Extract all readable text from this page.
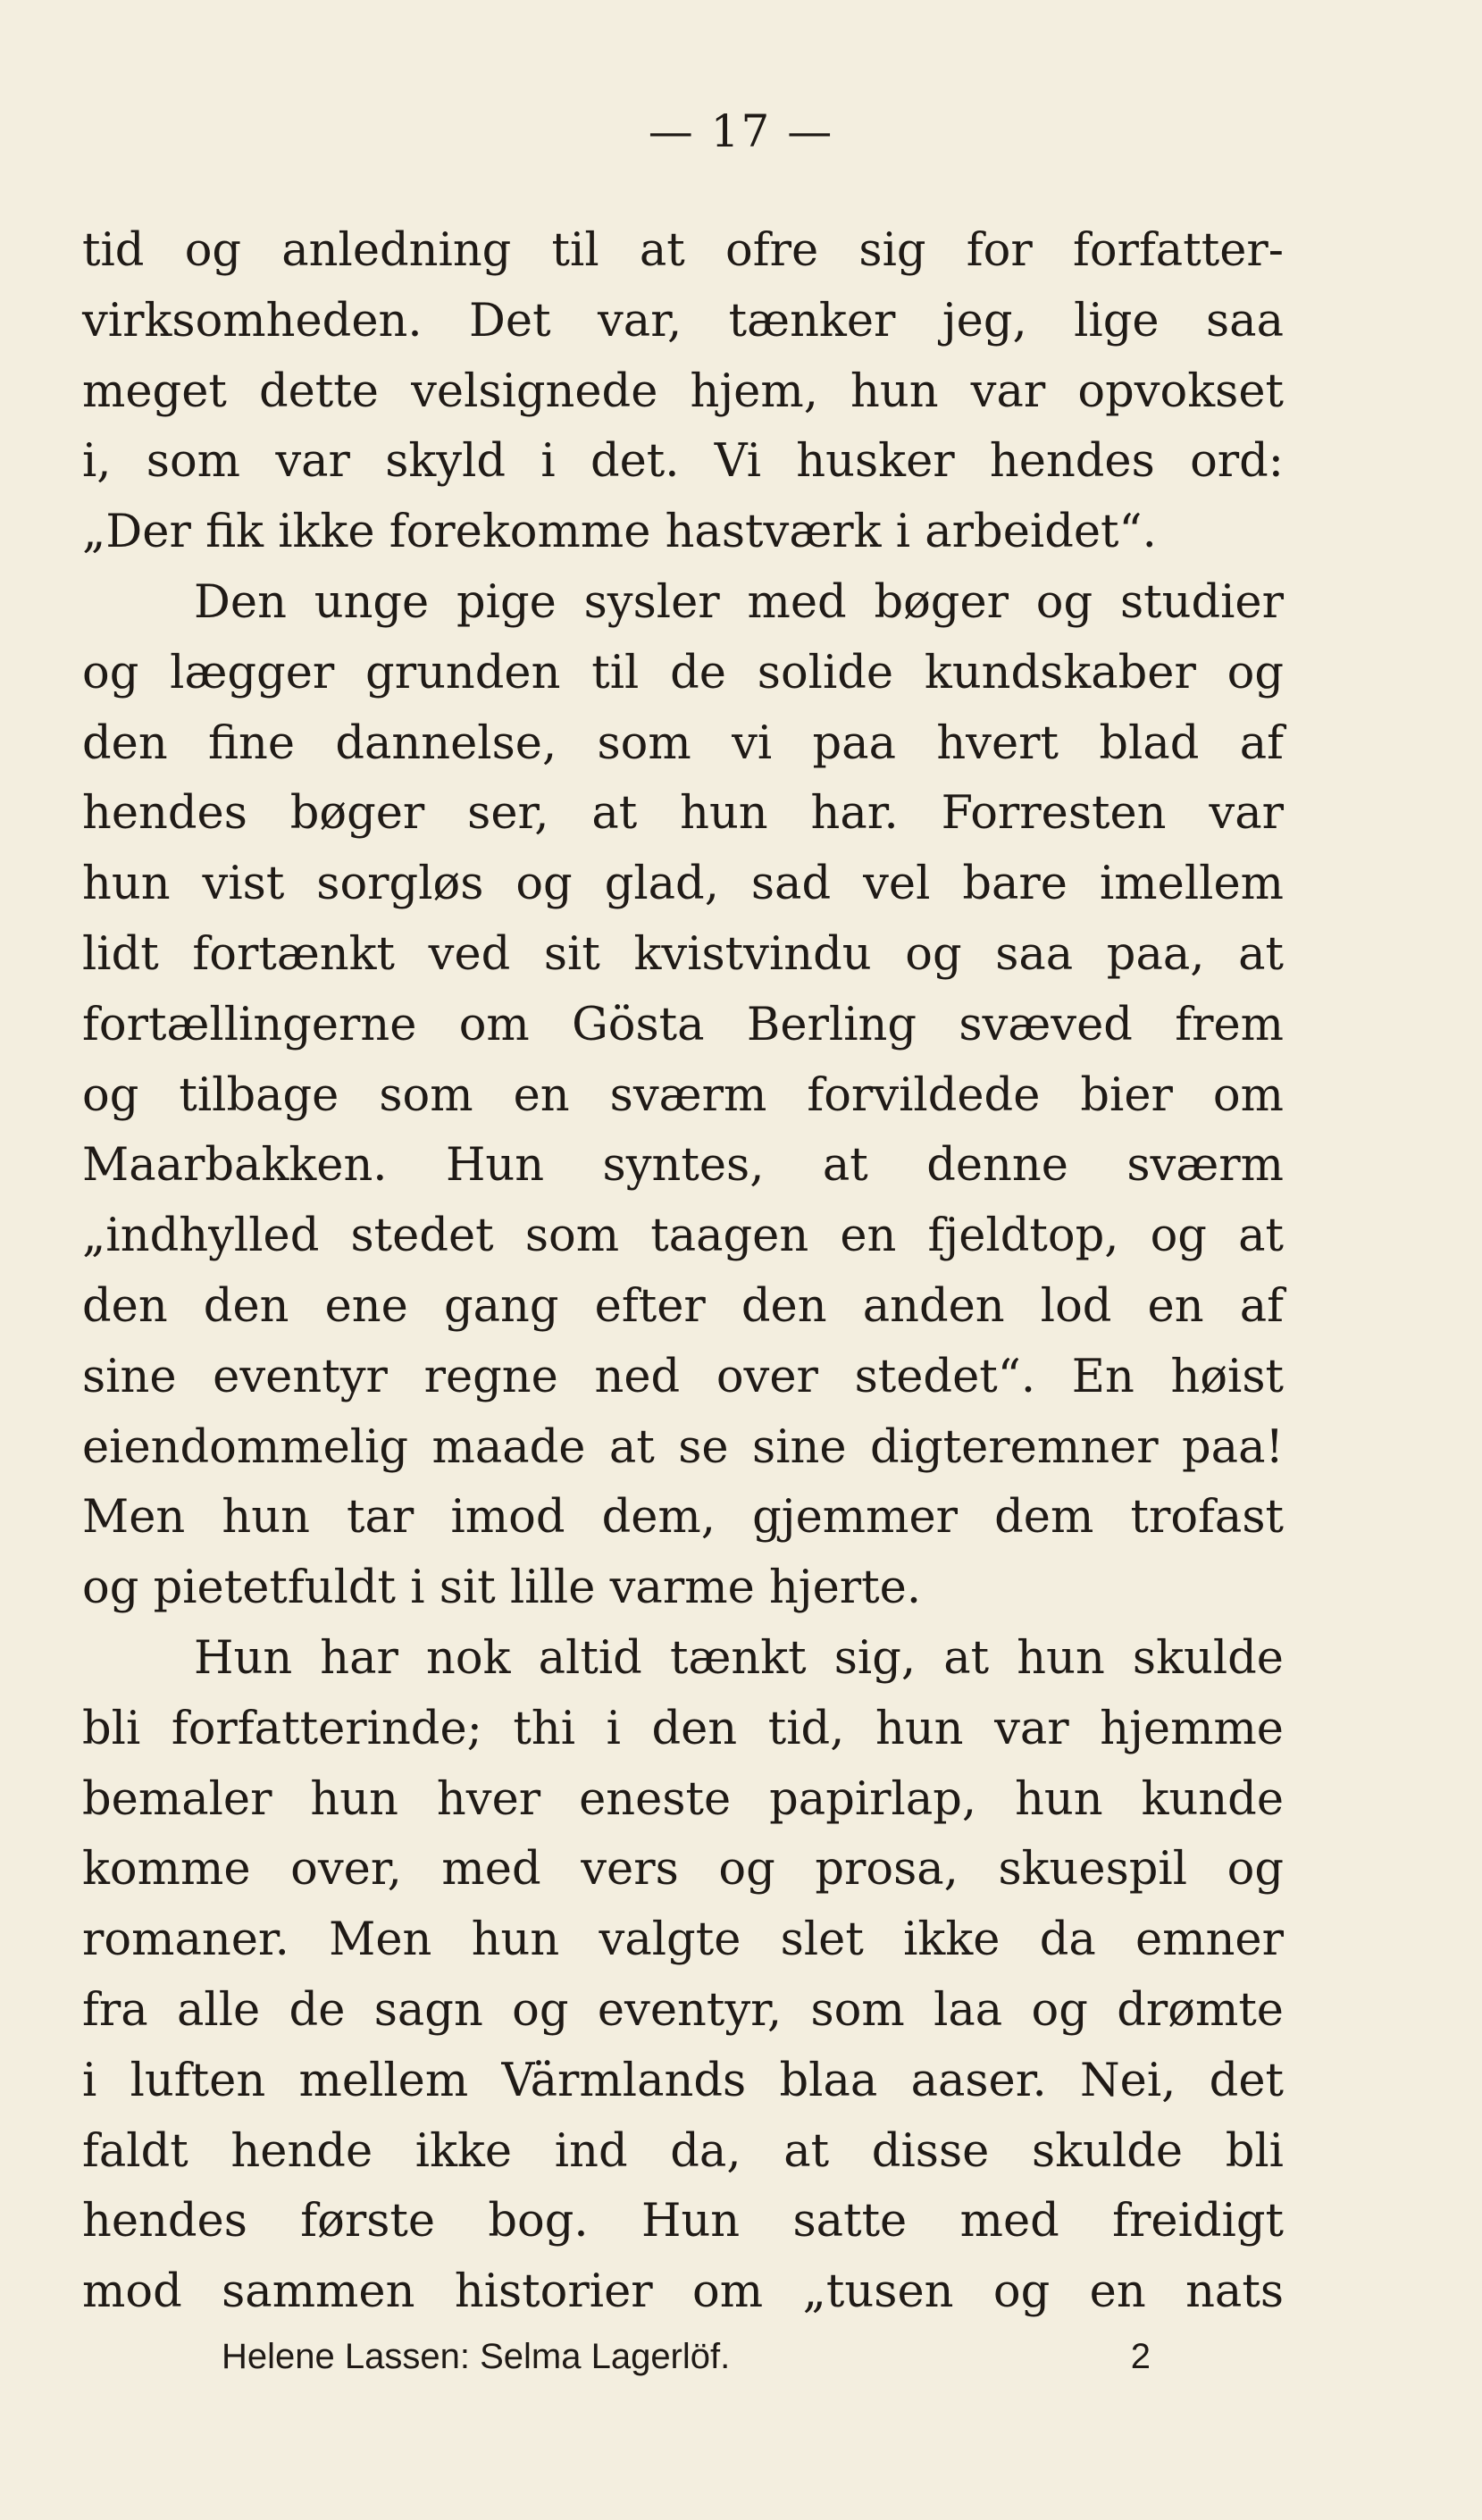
— 17 —
tid og anledning til at ofre sig for forfatter-
virksomheden. Det var, tænker jeg, lige saa
meget dette velsignede hjem, hun var opvokset
i, som var skyld i det. Vi husker hendes ord:
„Der fik ikke forekomme hastværk i arbeidet“.
Den unge pige sysler med bøger og studier
og lægger grunden til de solide kundskaber og
den fine dannelse, som vi paa hvert blad af
hendes bøger ser, at hun har. Forresten var
hun vist sorgløs og glad, sad vel bare imellem
lidt fortænkt ved sit kvistvindu og saa paa, at
fortællingerne om Gösta Berling svæved frem
og tilbage som en sværm forvildede bier om
Maarbakken. Hun syntes, at denne sværm
„indhylled stedet som taagen en fjeldtop, og at
den den ene gang efter den anden lod en af
sine eventyr regne ned over stedet“. En høist
eiendommelig maade at se sine digteremner paa!
Men hun tar imod dem, gjemmer dem trofast
og pietetfuldt i sit lille varme hjerte.
Hun har nok altid tænkt sig, at hun skulde
bli forfatterinde; thi i den tid, hun var hjemme
bemaler hun hver eneste papirlap, hun kunde
komme over, med vers og prosa, skuespil og
romaner. Men hun valgte slet ikke da emner
fra alle de sagn og eventyr, som laa og drømte
i luften mellem Värmlands blaa aaser. Nei, det
faldt hende ikke ind da, at disse skulde bli
hendes første bog. Hun satte med freidigt
mod sammen historier om „tusen og en nats
Helene Lassen: Selma Lagerlöf.	2
